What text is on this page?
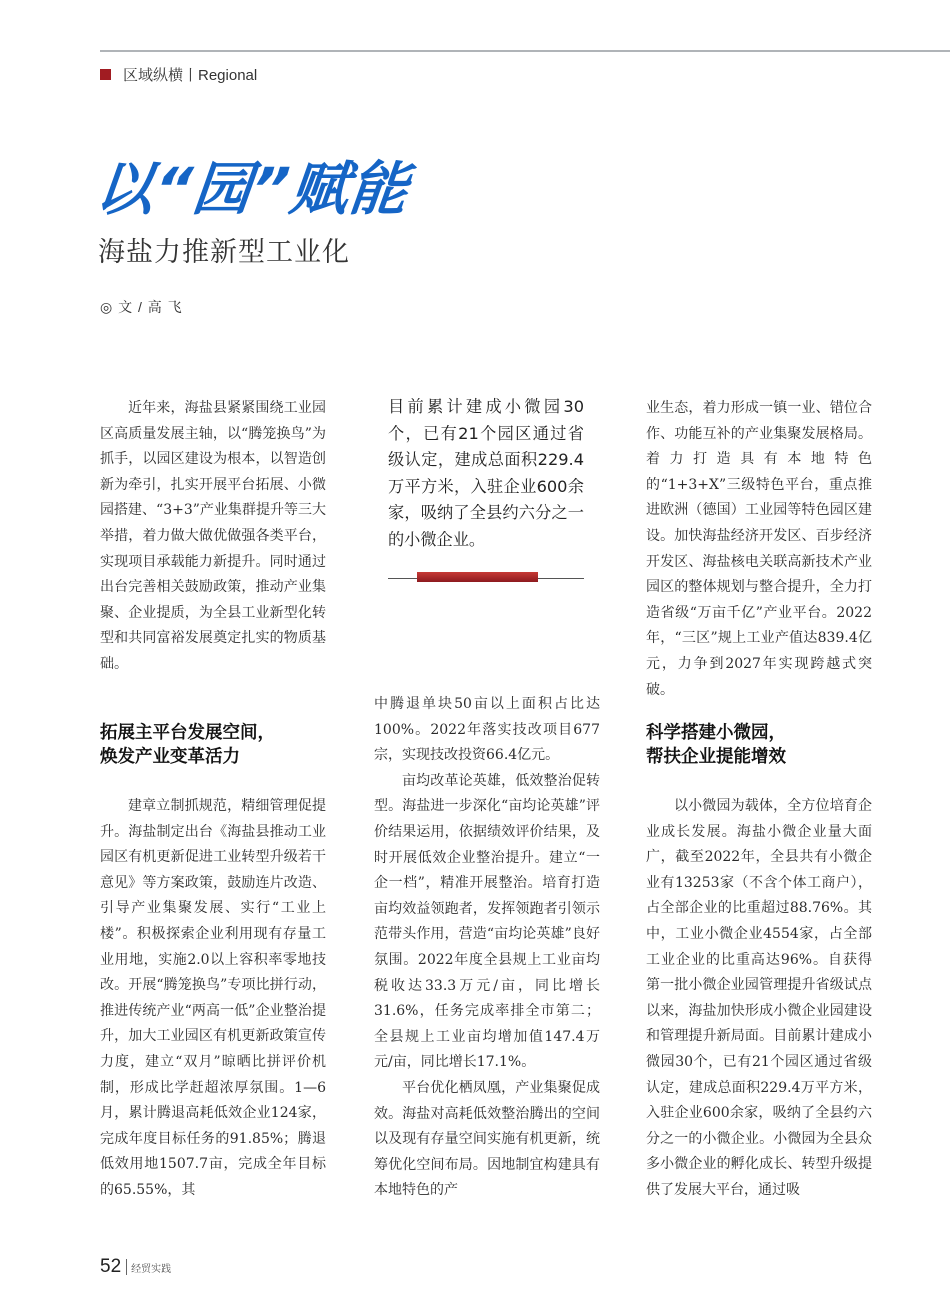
区域纵横丨Regional
以“园”赋能
海盐力推新型工业化
◎ 文 / 高 飞

近年来，海盐县紧紧围绕工业园区高质量发展主轴，以“腾笼换鸟”为抓手，以园区建设为根本，以智造创新为牵引，扎实开展平台拓展、小微园搭建、“3+3”产业集群提升等三大举措，着力做大做优做强各类平台，实现项目承载能力新提升。同时通过出台完善相关鼓励政策，推动产业集聚、企业提质，为全县工业新型化转型和共同富裕发展奠定扎实的物质基础。

拓展主平台发展空间，
焕发产业变革活力

建章立制抓规范，精细管理促提升。海盐制定出台《海盐县推动工业园区有机更新促进工业转型升级若干意见》等方案政策，鼓励连片改造、引导产业集聚发展、实行“工业上楼”。积极探索企业利用现有存量工业用地，实施2.0以上容积率零地技改。开展“腾笼换鸟”专项比拼行动，推进传统产业“两高一低”企业整治提升，加大工业园区有机更新政策宣传力度，建立“双月”晾晒比拼评价机制，形成比学赶超浓厚氛围。1—6月，累计腾退高耗低效企业124家，完成年度目标任务的91.85%；腾退低效用地1507.7亩，完成全年目标的65.55%，其

目前累计建成小微园30个，已有21个园区通过省级认定，建成总面积229.4万平方米，入驻企业600余家，吸纳了全县约六分之一的小微企业。

中腾退单块50亩以上面积占比达100%。2022年落实技改项目677宗，实现技改投资66.4亿元。

亩均改革论英雄，低效整治促转型。海盐进一步深化“亩均论英雄”评价结果运用，依据绩效评价结果，及时开展低效企业整治提升。建立“一企一档”，精准开展整治。培育打造亩均效益领跑者，发挥领跑者引领示范带头作用，营造“亩均论英雄”良好氛围。2022年度全县规上工业亩均税收达33.3万元/亩，同比增长31.6%，任务完成率排全市第二；全县规上工业亩均增加值147.4万元/亩，同比增长17.1%。

平台优化栖凤凰，产业集聚促成效。海盐对高耗低效整治腾出的空间以及现有存量空间实施有机更新，统筹优化空间布局。因地制宜构建具有本地特色的产

业生态，着力形成一镇一业、错位合作、功能互补的产业集聚发展格局。着力打造具有本地特色的“1+3+X”三级特色平台，重点推进欧洲（德国）工业园等特色园区建设。加快海盐经济开发区、百步经济开发区、海盐核电关联高新技术产业园区的整体规划与整合提升，全力打造省级“万亩千亿”产业平台。2022年，“三区”规上工业产值达839.4亿元，力争到2027年实现跨越式突破。

科学搭建小微园，
帮扶企业提能增效

以小微园为载体，全方位培育企业成长发展。海盐小微企业量大面广，截至2022年，全县共有小微企业有13253家（不含个体工商户），占全部企业的比重超过88.76%。其中，工业小微企业4554家，占全部工业企业的比重高达96%。自获得第一批小微企业园管理提升省级试点以来，海盐加快形成小微企业园建设和管理提升新局面。目前累计建成小微园30个，已有21个园区通过省级认定，建成总面积229.4万平方米，入驻企业600余家，吸纳了全县约六分之一的小微企业。小微园为全县众多小微企业的孵化成长、转型升级提供了发展大平台，通过吸

52 经贸实践
